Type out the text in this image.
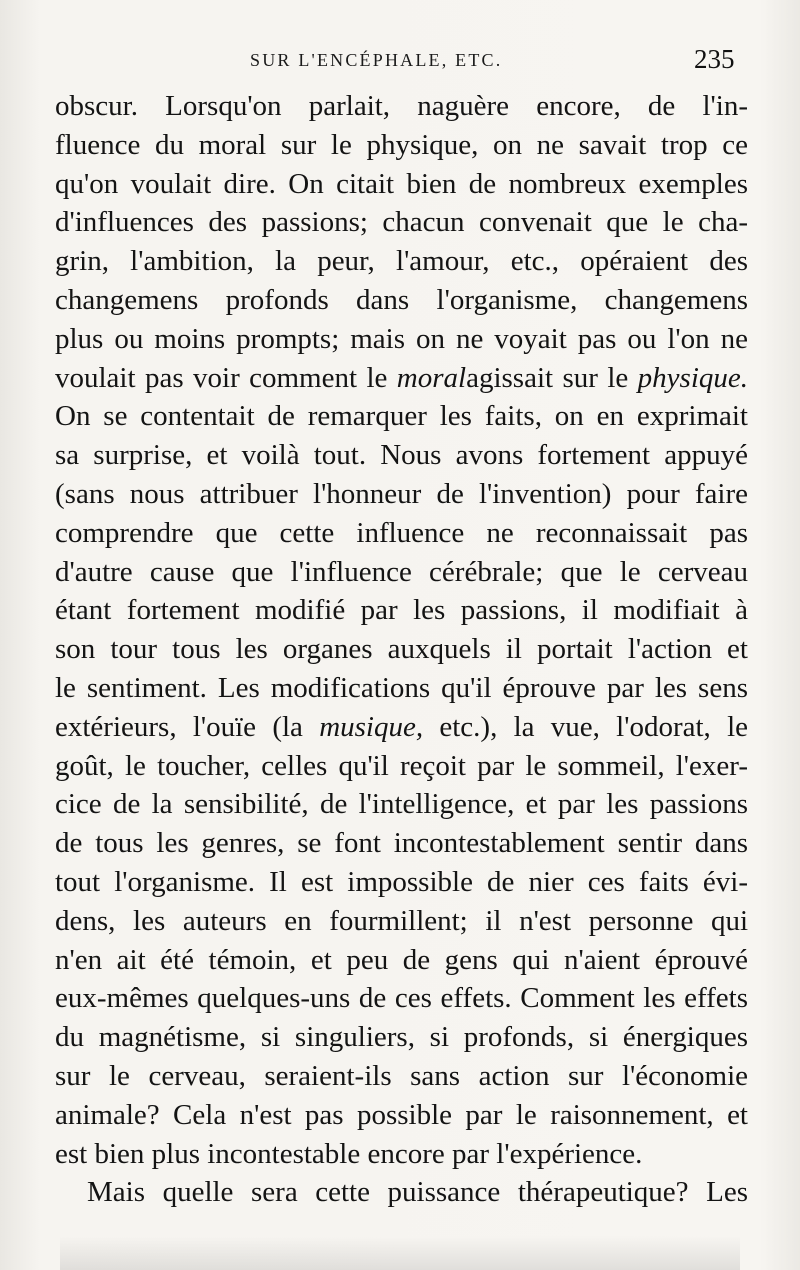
SUR L'ENCÉPHALE, ETC.	235
obscur. Lorsqu'on parlait, naguère encore, de l'in-
fluence du moral sur le physique, on ne savait trop ce
qu'on voulait dire. On citait bien de nombreux exemples
d'influences des passions; chacun convenait que le cha-
grin, l'ambition, la peur, l'amour, etc., opéraient des
changemens profonds dans l'organisme, changemens
plus ou moins prompts; mais on ne voyait pas ou l'on ne
voulait pas voir comment le moralagissait sur le physique.
On se contentait de remarquer les faits, on en exprimait
sa surprise, et voilà tout. Nous avons fortement appuyé
(sans nous attribuer l'honneur de l'invention) pour faire
comprendre que cette influence ne reconnaissait pas
d'autre cause que l'influence cérébrale; que le cerveau
étant fortement modifié par les passions, il modifiait à
son tour tous les organes auxquels il portait l'action et
le sentiment. Les modifications qu'il éprouve par les sens
extérieurs, l'ouïe (la musique, etc.), la vue, l'odorat, le
goût, le toucher, celles qu'il reçoit par le sommeil, l'exer-
cice de la sensibilité, de l'intelligence, et par les passions
de tous les genres, se font incontestablement sentir dans
tout l'organisme. Il est impossible de nier ces faits évi-
dens, les auteurs en fourmillent; il n'est personne qui
n'en ait été témoin, et peu de gens qui n'aient éprouvé
eux-mêmes quelques-uns de ces effets. Comment les effets
du magnétisme, si singuliers, si profonds, si énergiques
sur le cerveau, seraient-ils sans action sur l'économie
animale? Cela n'est pas possible par le raisonnement, et
est bien plus incontestable encore par l'expérience.
Mais quelle sera cette puissance thérapeutique? Les
